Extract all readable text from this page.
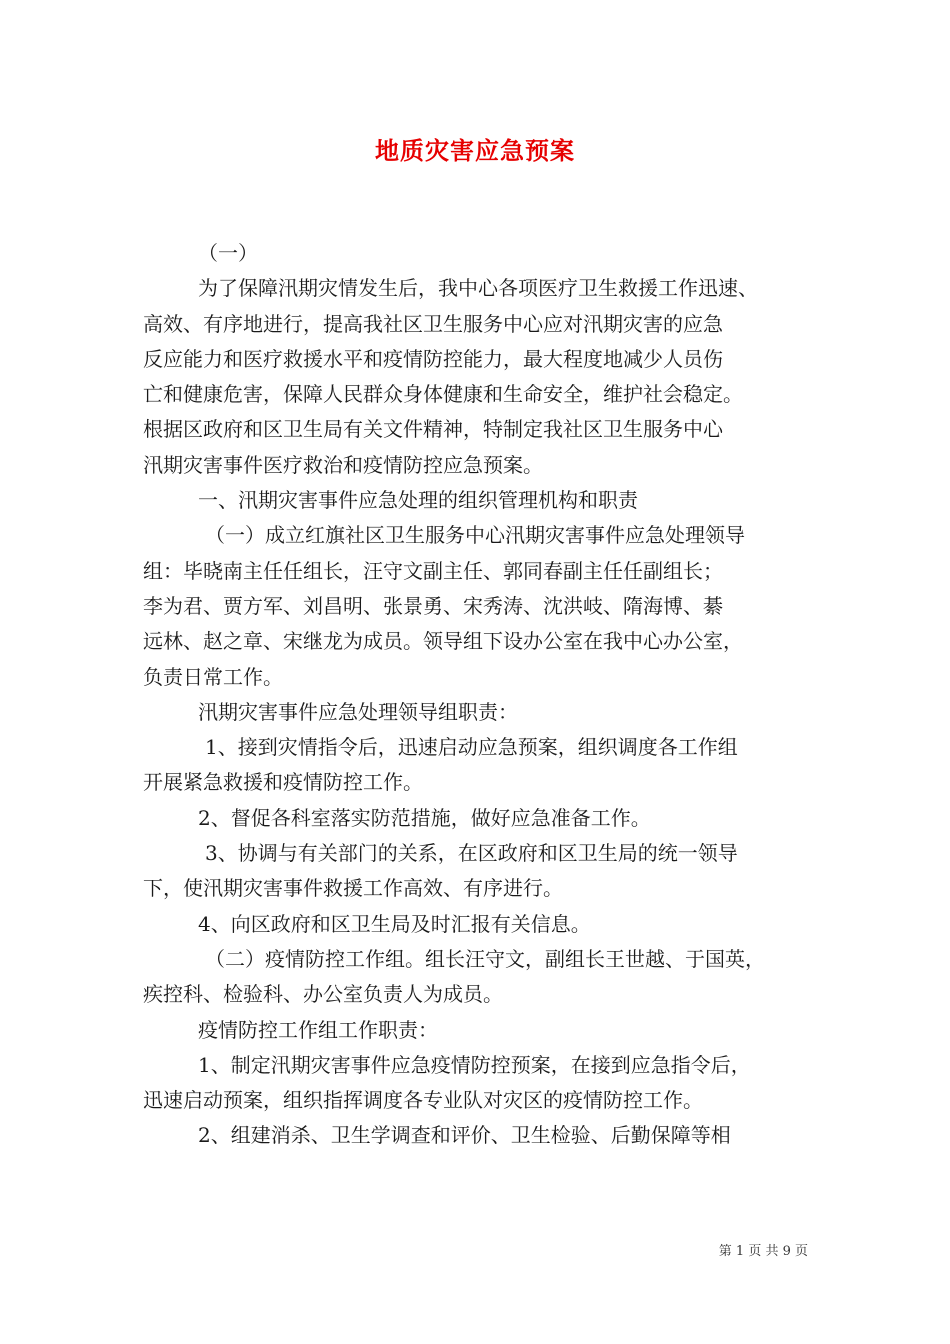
地质灾害应急预案

（一）

为了保障汛期灾情发生后，我中心各项医疗卫生救援工作迅速、

高效、有序地进行，提高我社区卫生服务中心应对汛期灾害的应急

反应能力和医疗救援水平和疫情防控能力，最大程度地减少人员伤

亡和健康危害，保障人民群众身体健康和生命安全，维护社会稳定。

根据区政府和区卫生局有关文件精神，特制定我社区卫生服务中心

汛期灾害事件医疗救治和疫情防控应急预案。

一、汛期灾害事件应急处理的组织管理机构和职责

（一）成立红旗社区卫生服务中心汛期灾害事件应急处理领导

组：毕晓南主任任组长，汪守文副主任、郭同春副主任任副组长；

李为君、贾方军、刘昌明、张景勇、宋秀涛、沈洪岐、隋海博、綦

远林、赵之章、宋继龙为成员。领导组下设办公室在我中心办公室，

负责日常工作。

汛期灾害事件应急处理领导组职责：

1、接到灾情指令后，迅速启动应急预案，组织调度各工作组

开展紧急救援和疫情防控工作。

2、督促各科室落实防范措施，做好应急准备工作。

3、协调与有关部门的关系，在区政府和区卫生局的统一领导

下，使汛期灾害事件救援工作高效、有序进行。

4、向区政府和区卫生局及时汇报有关信息。

（二）疫情防控工作组。组长汪守文，副组长王世越、于国英，

疾控科、检验科、办公室负责人为成员。

疫情防控工作组工作职责：

1、制定汛期灾害事件应急疫情防控预案，在接到应急指令后，

迅速启动预案，组织指挥调度各专业队对灾区的疫情防控工作。

2、组建消杀、卫生学调查和评价、卫生检验、后勤保障等相

第 1 页 共 9 页
